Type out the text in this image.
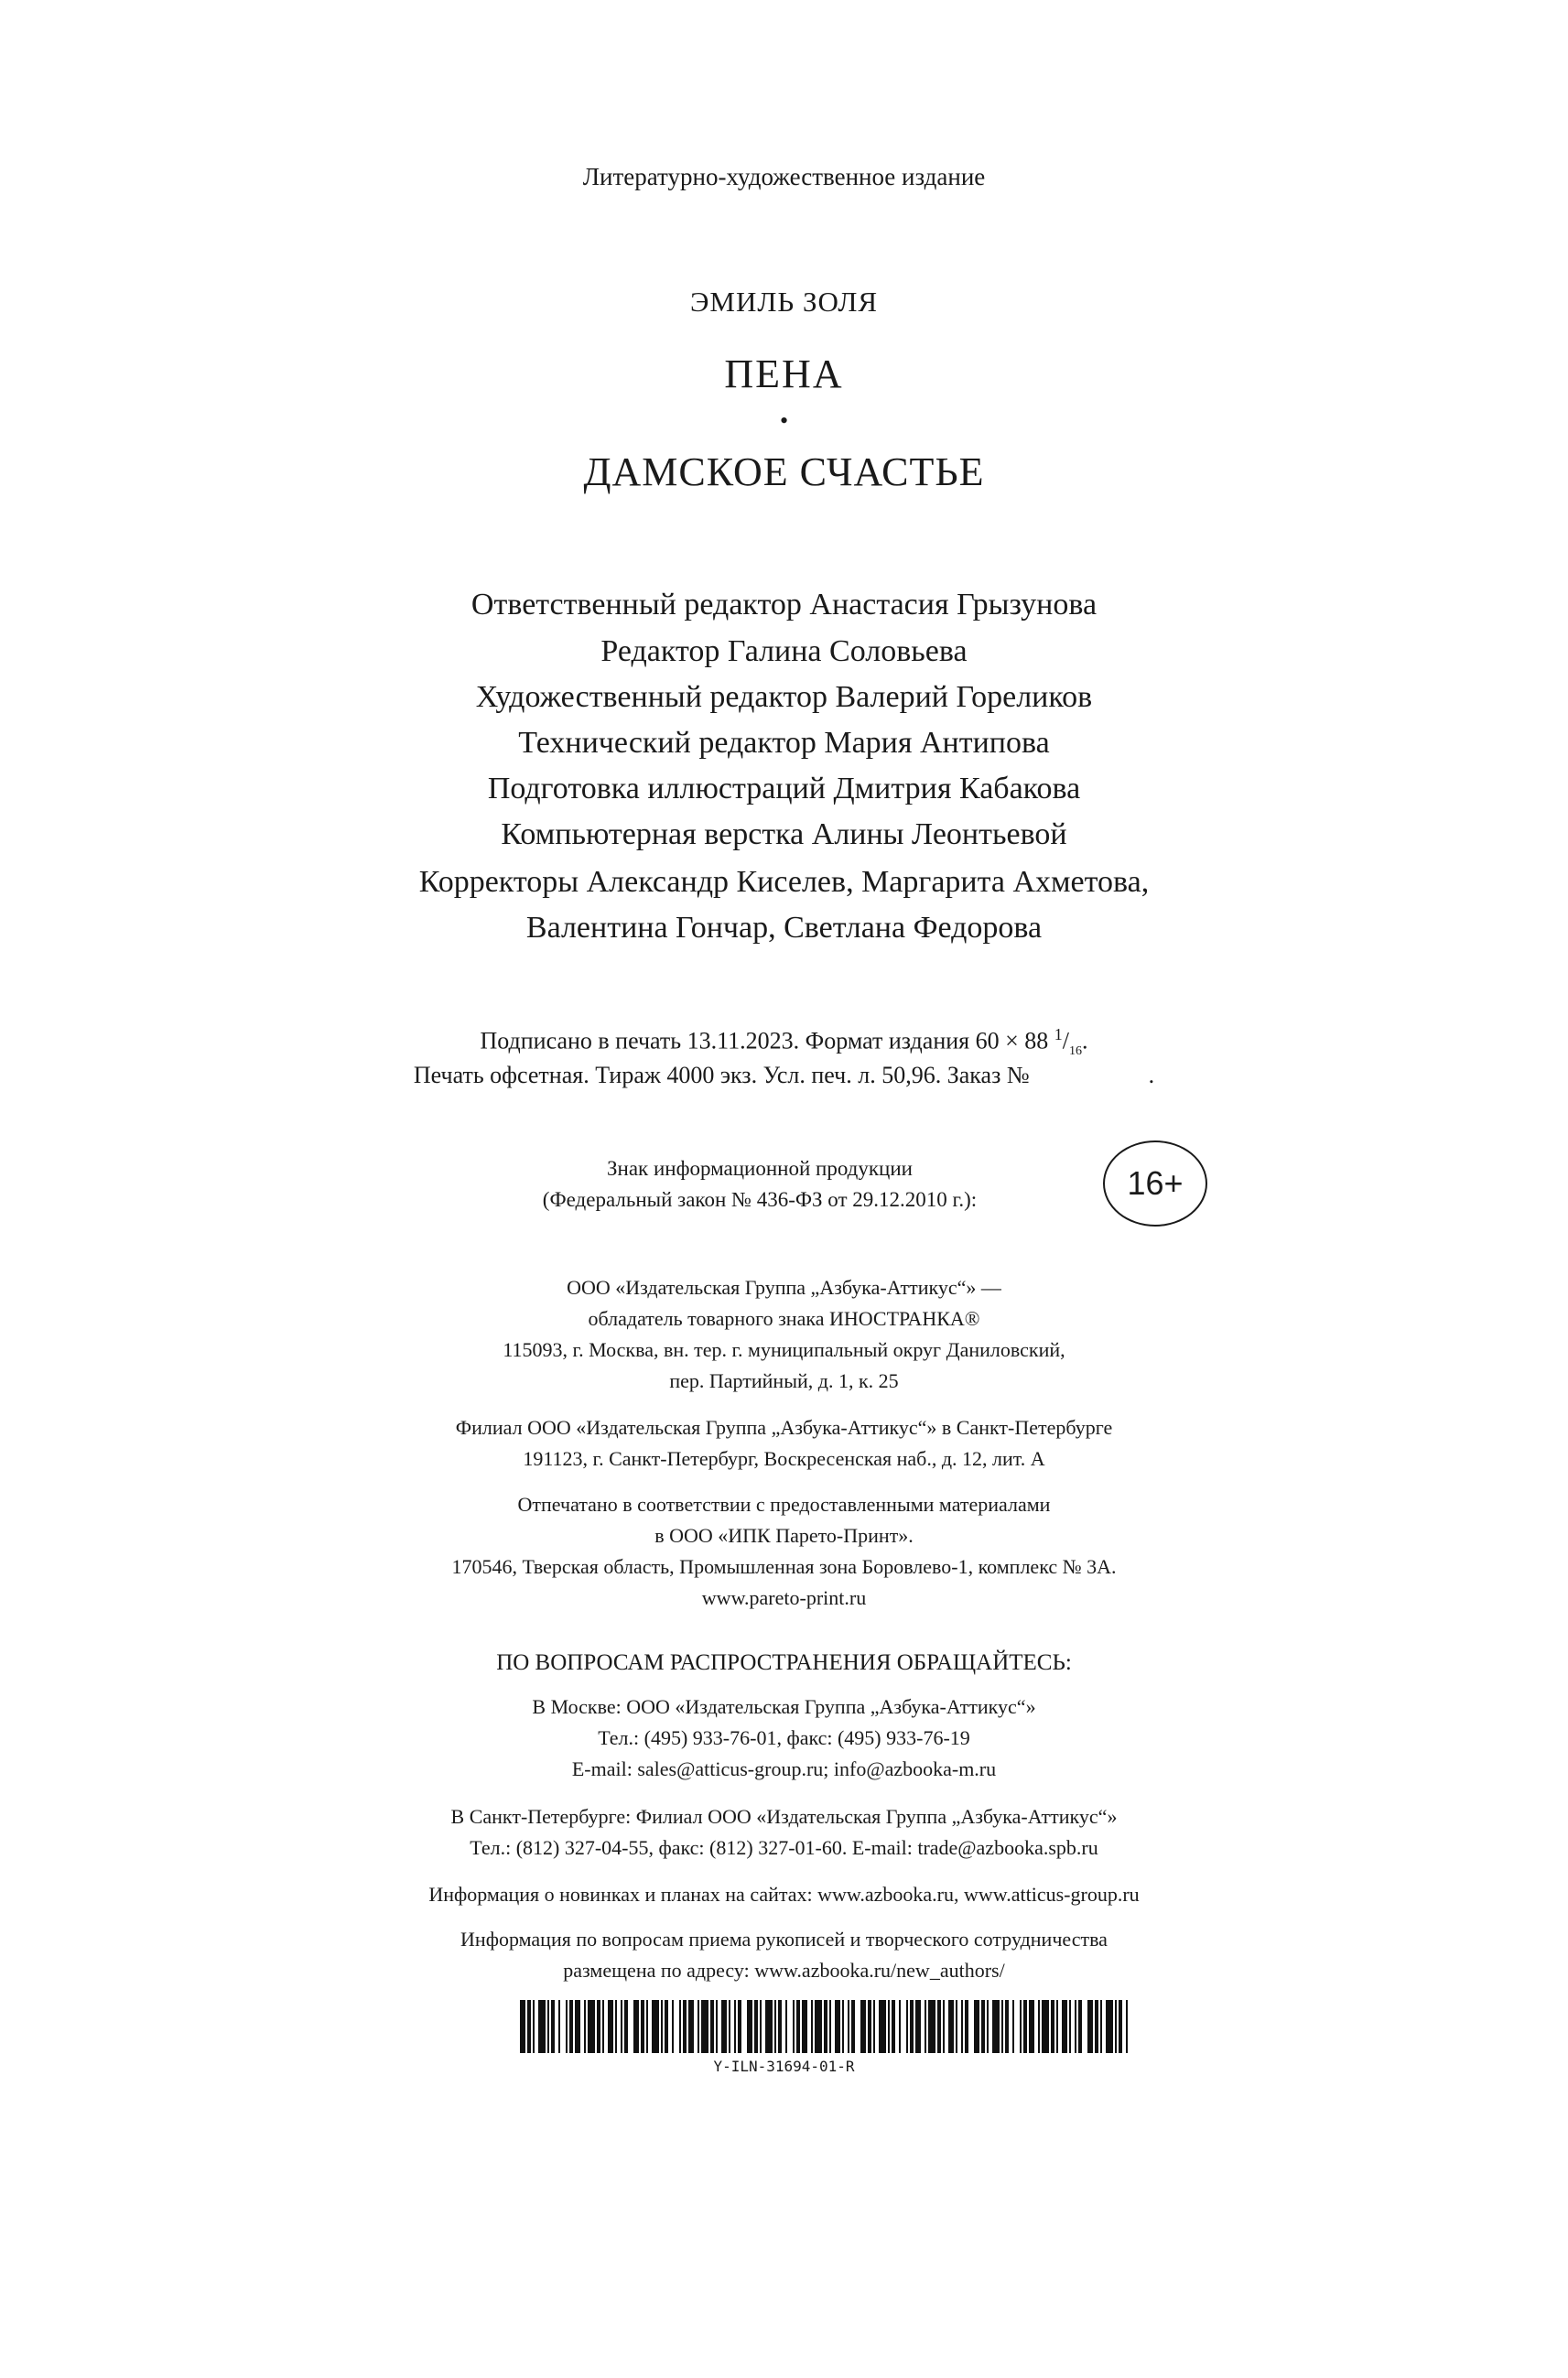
Литературно-художественное издание
ЭМИЛЬ ЗОЛЯ
ПЕНА
•
ДАМСКОЕ СЧАСТЬЕ
Ответственный редактор Анастасия Грызунова
Редактор Галина Соловьева
Художественный редактор Валерий Гореликов
Технический редактор Мария Антипова
Подготовка иллюстраций Дмитрия Кабакова
Компьютерная верстка Алины Леонтьевой
Корректоры Александр Киселев, Маргарита Ахметова,
Валентина Гончар, Светлана Федорова
Подписано в печать 13.11.2023. Формат издания 60 × 88 $^1/_{16}$.
Печать офсетная. Тираж 4000 экз. Усл. печ. л. 50,96. Заказ №	.
Знак информационной продукции
(Федеральный закон № 436-ФЗ от 29.12.2010 г.):	16+
ООО «Издательская Группа „Азбука-Аттикус“» —
обладатель товарного знака ИНОСТРАНКА®
115093, г. Москва, вн. тер. г. муниципальный округ Даниловский,
пер. Партийный, д. 1, к. 25
Филиал ООО «Издательская Группа „Азбука-Аттикус“» в Санкт-Петербурге
191123, г. Санкт-Петербург, Воскресенская наб., д. 12, лит. А
Отпечатано в соответствии с предоставленными материалами
в ООО «ИПК Парето-Принт».
170546, Тверская область, Промышленная зона Боровлево-1, комплекс № 3А.
www.pareto-print.ru
ПО ВОПРОСАМ РАСПРОСТРАНЕНИЯ ОБРАЩАЙТЕСЬ:
В Москве: ООО «Издательская Группа „Азбука-Аттикус“»
Тел.: (495) 933-76-01, факс: (495) 933-76-19
E-mail: sales@atticus-group.ru; info@azbooka-m.ru
В Санкт-Петербурге: Филиал ООО «Издательская Группа „Азбука-Аттикус“»
Тел.: (812) 327-04-55, факс: (812) 327-01-60. E-mail: trade@azbooka.spb.ru
Информация о новинках и планах на сайтах: www.azbooka.ru, www.atticus-group.ru
Информация по вопросам приема рукописей и творческого сотрудничества
размещена по адресу: www.azbooka.ru/new_authors/
Y-ILN-31694-01-R
